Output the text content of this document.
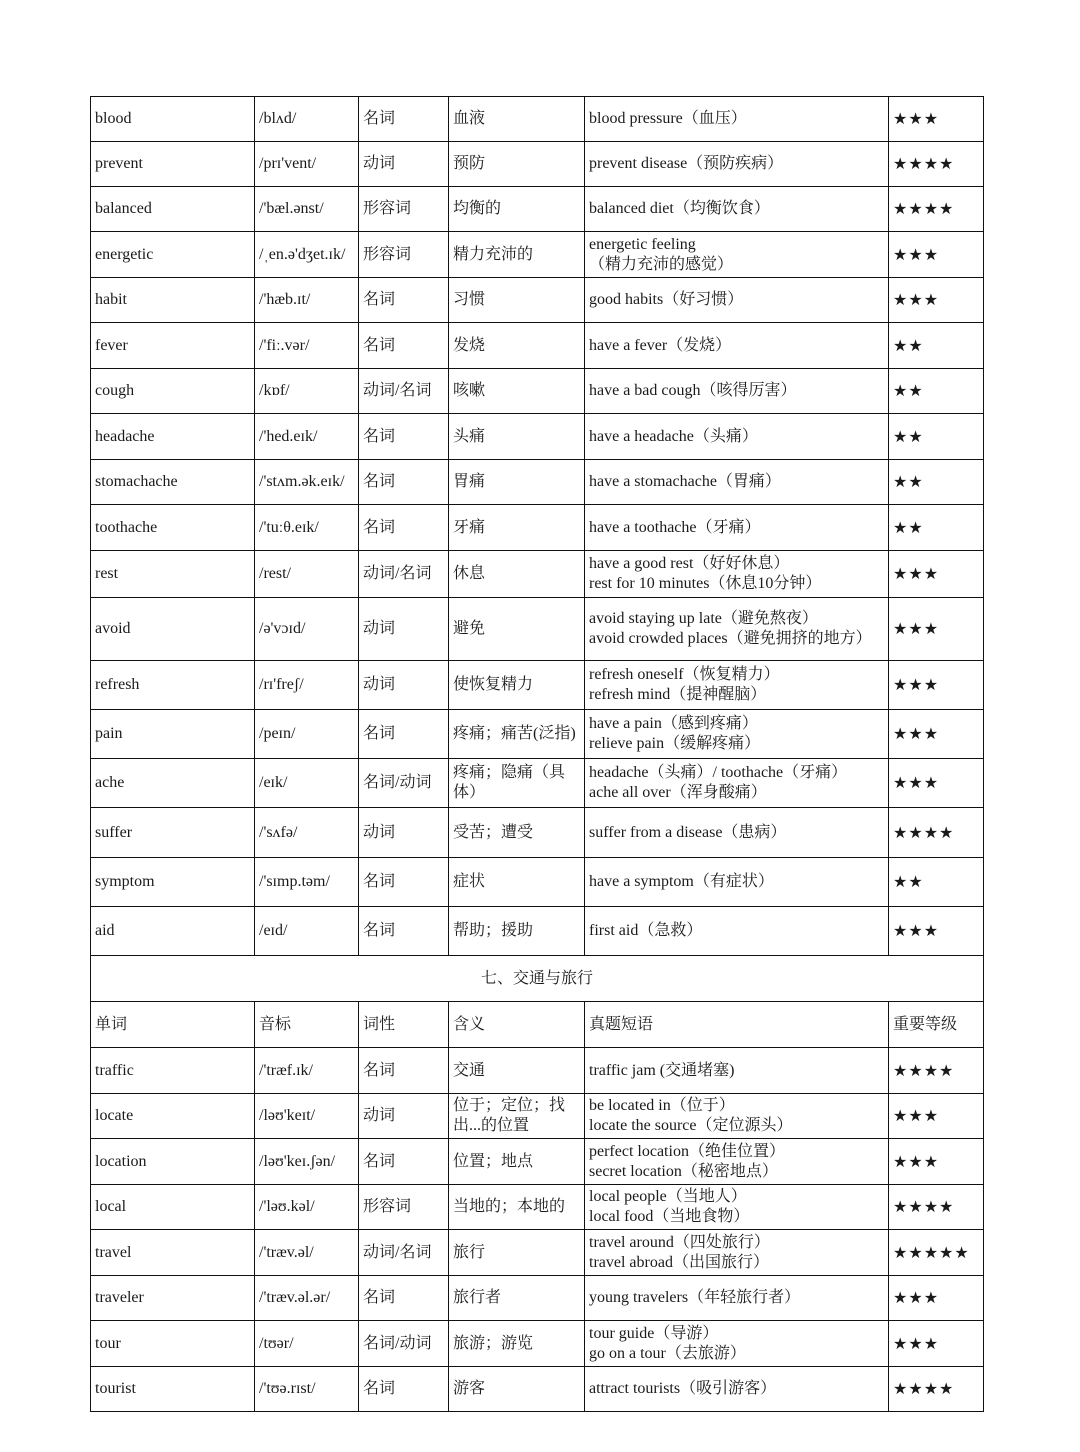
blood	/blʌd/	名词	血液	blood pressure（血压）	★★★
prevent	/prɪ'vent/	动词	预防	prevent disease（预防疾病）	★★★★
balanced	/'bæl.ənst/	形容词	均衡的	balanced diet（均衡饮食）	★★★★
energetic	/ˌen.ə'dʒet.ɪk/	形容词	精力充沛的	energetic feeling
（精力充沛的感觉）	★★★
habit	/'hæb.ɪt/	名词	习惯	good habits（好习惯）	★★★
fever	/'fiː.vər/	名词	发烧	have a fever（发烧）	★★
cough	/kɒf/	动词/名词	咳嗽	have a bad cough（咳得厉害）	★★
headache	/'hed.eɪk/	名词	头痛	have a headache（头痛）	★★
stomachache	/'stʌm.ək.eɪk/	名词	胃痛	have a stomachache（胃痛）	★★
toothache	/'tuːθ.eɪk/	名词	牙痛	have a toothache（牙痛）	★★
rest	/rest/	动词/名词	休息	have a good rest（好好休息）
rest for 10 minutes（休息10分钟）	★★★
avoid	/ə'vɔɪd/	动词	避免	avoid staying up late（避免熬夜）
avoid crowded places（避免拥挤的地方）	★★★
refresh	/rɪ'freʃ/	动词	使恢复精力	refresh oneself（恢复精力）
refresh mind（提神醒脑）	★★★
pain	/peɪn/	名词	疼痛；痛苦(泛指)	have a pain（感到疼痛）
relieve pain（缓解疼痛）	★★★
ache	/eɪk/	名词/动词	疼痛；隐痛（具体）	headache（头痛）/ toothache（牙痛）
ache all over（浑身酸痛）	★★★
suffer	/'sʌfə/	动词	受苦；遭受	suffer from a disease（患病）	★★★★
symptom	/'sɪmp.təm/	名词	症状	have a symptom（有症状）	★★
aid	/eɪd/	名词	帮助；援助	first aid（急救）	★★★
七、交通与旅行					
单词	音标	词性	含义	真题短语	重要等级
traffic	/'træf.ɪk/	名词	交通	traffic jam (交通堵塞)	★★★★
locate	/ləʊ'keɪt/	动词	位于；定位；找出...的位置	be located in（位于）
locate the source（定位源头）	★★★
location	/ləʊ'keɪ.ʃən/	名词	位置；地点	perfect location（绝佳位置）
secret location（秘密地点）	★★★
local	/'ləʊ.kəl/	形容词	当地的；本地的	local people（当地人）
local food（当地食物）	★★★★
travel	/'træv.əl/	动词/名词	旅行	travel around（四处旅行）
travel abroad（出国旅行）	★★★★★
traveler	/'træv.əl.ər/	名词	旅行者	young travelers（年轻旅行者）	★★★
tour	/tʊər/	名词/动词	旅游；游览	tour guide（导游）
go on a tour（去旅游）	★★★
tourist	/'tʊə.rɪst/	名词	游客	attract tourists（吸引游客）	★★★★
